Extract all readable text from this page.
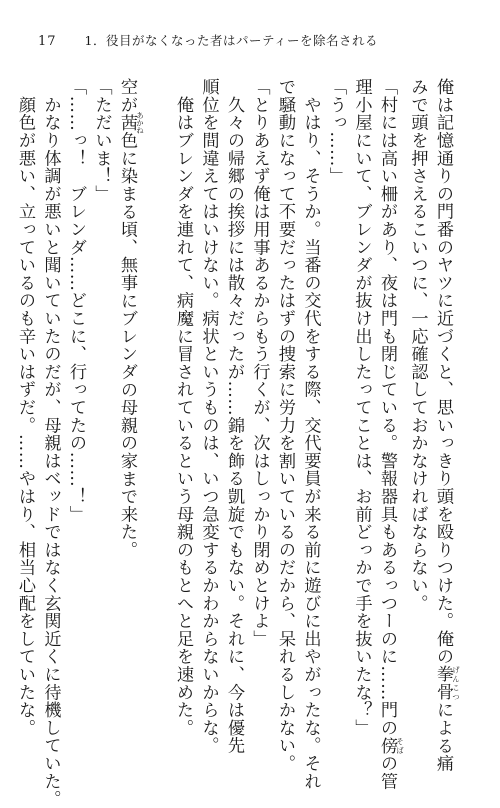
17 1．役目がなくなった者はパーティーを除名される

俺は記憶通りの門番のヤツに近づくと、思いっきり頭を殴りつけた。俺の拳骨げんこつによる痛

みで頭を押さえるこいつに、一応確認しておかなければならない。

「村には高い柵があり、夜は門も閉じている。警報器具もあるっつーのに……門の傍そばの管

理小屋にいて、ブレンダが抜け出したってことは、お前どっかで手を抜いたな？」

「うっ……」

　やはり、そうか。当番の交代をする際、交代要員が来る前に遊びに出やがったな。それ

で騒動になって不要だったはずの捜索に労力を割いているのだから、呆れるしかない。

「とりあえず俺は用事あるからもう行くが、次はしっかり閉めとけよ」

　久々の帰郷の挨拶には散々だったが……錦を飾る凱旋でもない。それに、今は優先

順位を間違えてはいけない。病状というものは、いつ急変するかわからないからな。

　俺はブレンダを連れて、病魔に冒されているという母親のもとへと足を速めた。

空が茜あかね色に染まる頃、無事にブレンダの母親の家まで来た。

「ただいま！」

「……っ！　ブレンダ……どこに、行ってたの……！」

　かなり体調が悪いと聞いていたのだが、母親はベッドではなく玄関近くに待機していた。

　顔色が悪い、立っているのも辛いはずだ。……やはり、相当心配をしていたな。
